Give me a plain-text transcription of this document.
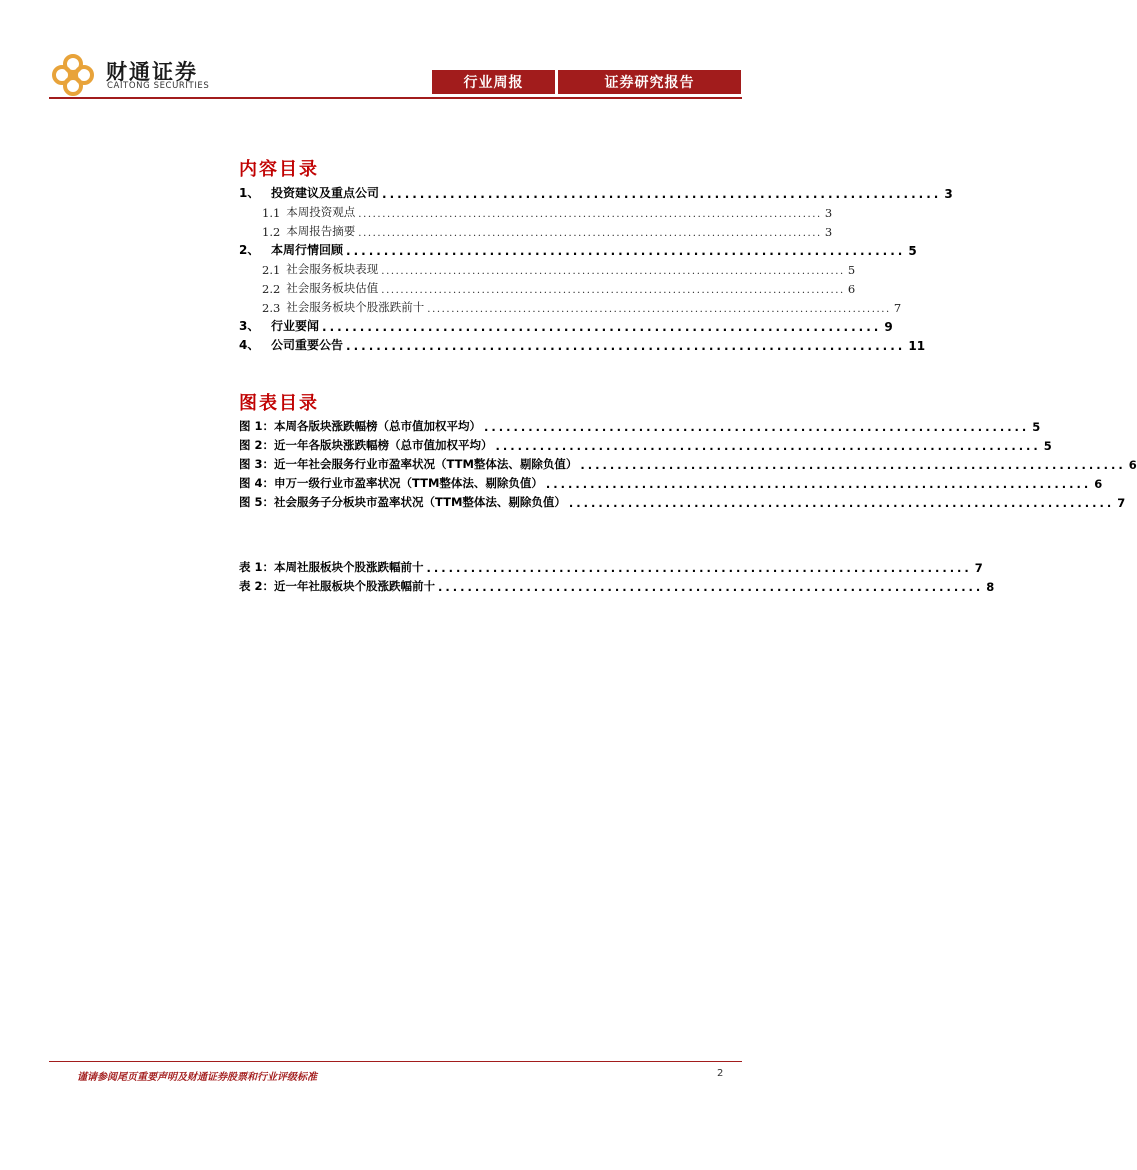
财通证券
CAITONG SECURITIES	行业周报	证券研究报告
内容目录
1、 投资建议及重点公司 .......................................................................... 3
1.1 本周投资观点 ................................................................................................. 3
1.2 本周报告摘要 ................................................................................................. 3
2、 本周行情回顾 .......................................................................... 5
2.1 社会服务板块表现 ................................................................................................. 5
2.2 社会服务板块估值 ................................................................................................. 6
2.3 社会服务板块个股涨跌前十 ................................................................................................. 7
3、 行业要闻 .......................................................................... 9
4、 公司重要公告 .......................................................................... 11
图表目录
图 1：本周各版块涨跌幅榜（总市值加权平均） .......................................................................... 5
图 2：近一年各版块涨跌幅榜（总市值加权平均） .......................................................................... 5
图 3：近一年社会服务行业市盈率状况（TTM整体法、剔除负值） .......................................................................... 6
图 4：申万一级行业市盈率状况（TTM整体法、剔除负值） .......................................................................... 6
图 5：社会服务子分板块市盈率状况（TTM整体法、剔除负值） .......................................................................... 7
表 1：本周社服板块个股涨跌幅前十 .......................................................................... 7
表 2：近一年社服板块个股涨跌幅前十 .......................................................................... 8
谨请参阅尾页重要声明及财通证券股票和行业评级标准	2
